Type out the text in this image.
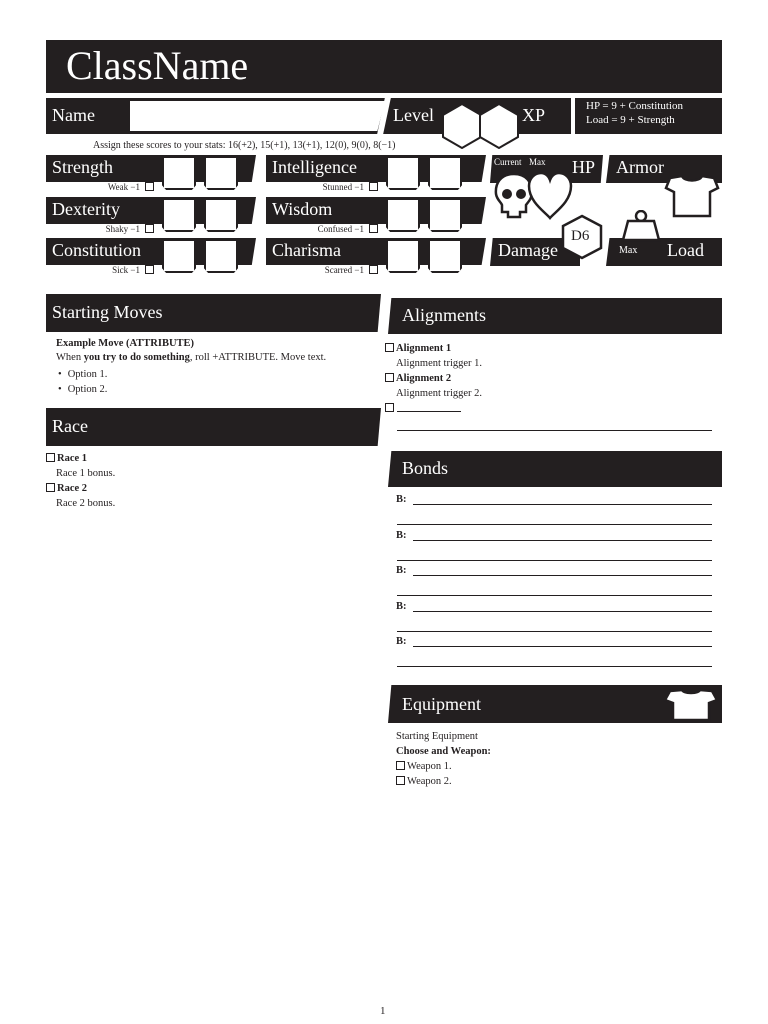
ClassName
Name	Level	XP	HP = 9 + Constitution
Load = 9 + Strength
Assign these scores to your stats: 16(+2), 15(+1), 13(+1), 12(0), 9(0), 8(−1)
Strength
Weak −1
Dexterity
Shaky −1
Constitution
Sick −1
Intelligence
Stunned −1
Wisdom
Confused −1
Charisma
Scarred −1
Current Max HP Armor
Damage
D6
Max Load
Starting Moves
Example Move (ATTRIBUTE)
When you try to do something, roll +ATTRIBUTE. Move text.
• Option 1.
• Option 2.
Race
Race 1
Race 1 bonus.
Race 2
Race 2 bonus.
Alignments
Alignment 1
Alignment trigger 1.
Alignment 2
Alignment trigger 2.
Bonds
B:
B:
B:
B:
B:
Equipment
Starting Equipment
Choose and Weapon:
Weapon 1.
Weapon 2.
1
